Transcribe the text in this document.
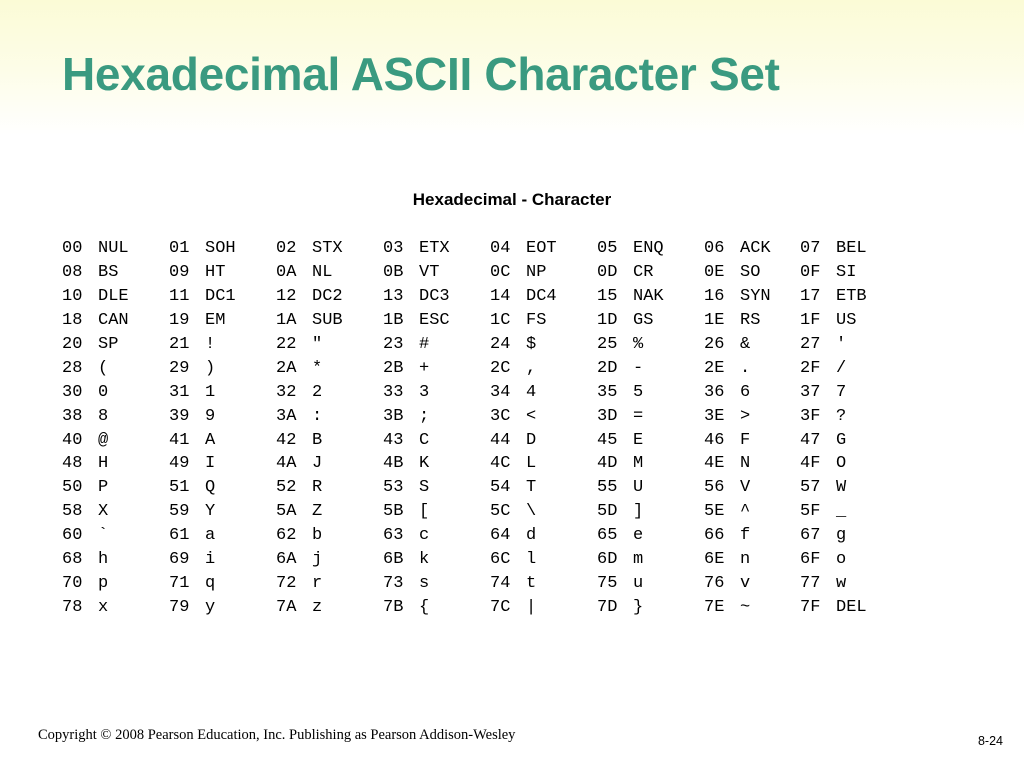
Hexadecimal ASCII Character Set
Hexadecimal - Character
00 NUL 01 SOH 02 STX 03 ETX 04 EOT 05 ENQ 06 ACK 07 BEL
08 BS	09 HT	0A NL	0B VT	0C NP	0D CR	0E SO 0F SI
10 DLE 11 DC1 12 DC2 13 DC3 14 DC4 15 NAK 16 SYN 17 ETB
18 CAN 19 EM	1A SUB 1B ESC 1C FS	1D GS	1E RS 1F US
20 SP	21 !	22 "	23 #	24 $	25 %	26 &	27 '
28 (	29 )	2A *	2B +	2C ,	2D -	2E .	2F /
30 0	31 1	32 2	33 3	34 4	35 5	36 6	37 7
38 8	39 9	3A :	3B ;	3C <	3D =	3E >	3F ?
40 @	41 A	42 B	43 C	44 D	45 E	46 F	47 G
48 H	49 I	4A J	4B K	4C L	4D M	4E N	4F O
50 P	51 Q	52 R	53 S	54 T	55 U	56 V	57 W
58 X	59 Y	5A Z	5B [	5C \	5D ]	5E ^	5F _
60 `	61 a	62 b	63 c	64 d	65 e	66 f	67 g
68 h	69 i	6A j	6B k	6C l	6D m	6E n	6F o
70 p	71 q	72 r	73 s	74 t	75 u	76 v	77 w
78 x	79 y	7A z	7B {	7C |	7D }	7E ~	7F DEL
Copyright © 2008 Pearson Education, Inc. Publishing as Pearson Addison-Wesley	8-24
